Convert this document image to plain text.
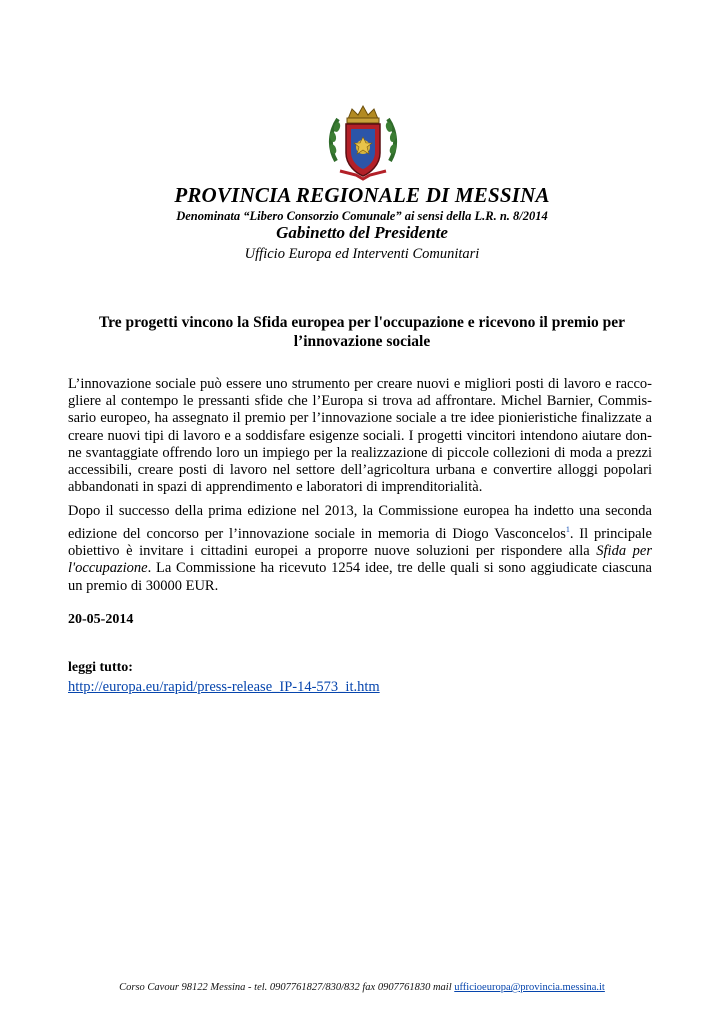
PROVINCIA REGIONALE DI MESSINA
Denominata “Libero Consorzio Comunale” ai sensi della L.R. n. 8/2014
Gabinetto del Presidente
Ufficio Europa ed Interventi Comunitari
Tre progetti vincono la Sfida europea per l'occupazione e ricevono il premio per
l’innovazione sociale

L’innovazione sociale può essere uno strumento per creare nuovi e migliori posti di lavoro e racco-gliere al contempo le pressanti sfide che l’Europa si trova ad affrontare. Michel Barnier, Commis-sario europeo, ha assegnato il premio per l’innovazione sociale a tre idee pionieristiche finalizzate a creare nuovi tipi di lavoro e a soddisfare esigenze sociali. I progetti vincitori intendono aiutare don-ne svantaggiate offrendo loro un impiego per la realizzazione di piccole collezioni di moda a prezzi accessibili, creare posti di lavoro nel settore dell’agricoltura urbana e convertire alloggi popolari abbandonati in spazi di apprendimento e laboratori di imprenditorialità.

Dopo il successo della prima edizione nel 2013, la Commissione europea ha indetto una seconda edizione del concorso per l’innovazione sociale in memoria di Diogo Vasconcelos$^1$. Il principale obiettivo è invitare i cittadini europei a proporre nuove soluzioni per rispondere alla Sfida per l'occupazione. La Commissione ha ricevuto 1254 idee, tre delle quali si sono aggiudicate ciascuna un premio di 30000 EUR.

20-05-2014
leggi tutto:
http://europa.eu/rapid/press-release_IP-14-573_it.htm
Corso Cavour 98122 Messina - tel. 0907761827/830/832 fax 0907761830 mail ufficioeuropa@provincia.messina.it
